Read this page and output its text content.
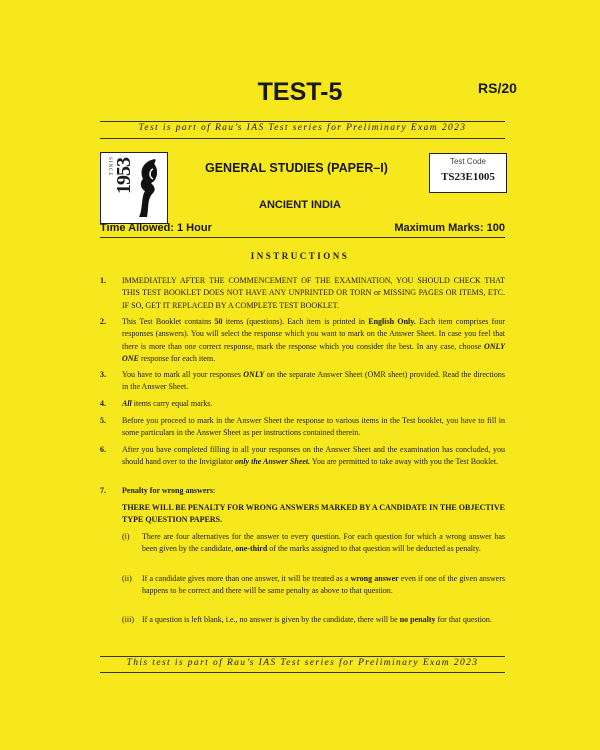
TEST-5	RS/20
Test is part of Rau’s IAS Test series for Preliminary Exam 2023
SINCE 1953	GENERAL STUDIES (PAPER–I)	Test Code
TS23E1005
ANCIENT INDIA
Time Allowed: 1 Hour	Maximum Marks: 100
INSTRUCTIONS
1. IMMEDIATELY AFTER THE COMMENCEMENT OF THE EXAMINATION, YOU SHOULD CHECK THAT THIS TEST BOOKLET DOES NOT HAVE ANY UNPRINTED OR TORN or MISSING PAGES OR ITEMS, ETC. IF SO, GET IT REPLACED BY A COMPLETE TEST BOOKLET.
2. This Test Booklet contains 50 items (questions). Each item is printed in English Only. Each item comprises four responses (answers). You will select the response which you want to mark on the Answer Sheet. In case you feel that there is more than one correct response, mark the response which you consider the best. In any case, choose ONLY ONE response for each item.
3. You have to mark all your responses ONLY on the separate Answer Sheet (OMR sheet) provided. Read the directions in the Answer Sheet.
4. All items carry equal marks.
5. Before you proceed to mark in the Answer Sheet the response to various items in the Test booklet, you have to fill in some particulars in the Answer Sheet as per instructions contained therein.
6. After you have completed filling in all your responses on the Answer Sheet and the examination has concluded, you should hand over to the Invigilator only the Answer Sheet. You are permitted to take away with you the Test Booklet.
7. Penalty for wrong answers:
THERE WILL BE PENALTY FOR WRONG ANSWERS MARKED BY A CANDIDATE IN THE OBJECTIVE TYPE QUESTION PAPERS.
(i) There are four alternatives for the answer to every question. For each question for which a wrong answer has been given by the candidate, one-third of the marks assigned to that question will be deducted as penalty.
(ii) If a candidate gives more than one answer, it will be treated as a wrong answer even if one of the given answers happens to be correct and there will be same penalty as above to that question.
(iii) If a question is left blank, i.e., no answer is given by the candidate, there will be no penalty for that question.
This test is part of Rau’s IAS Test series for Preliminary Exam 2023
